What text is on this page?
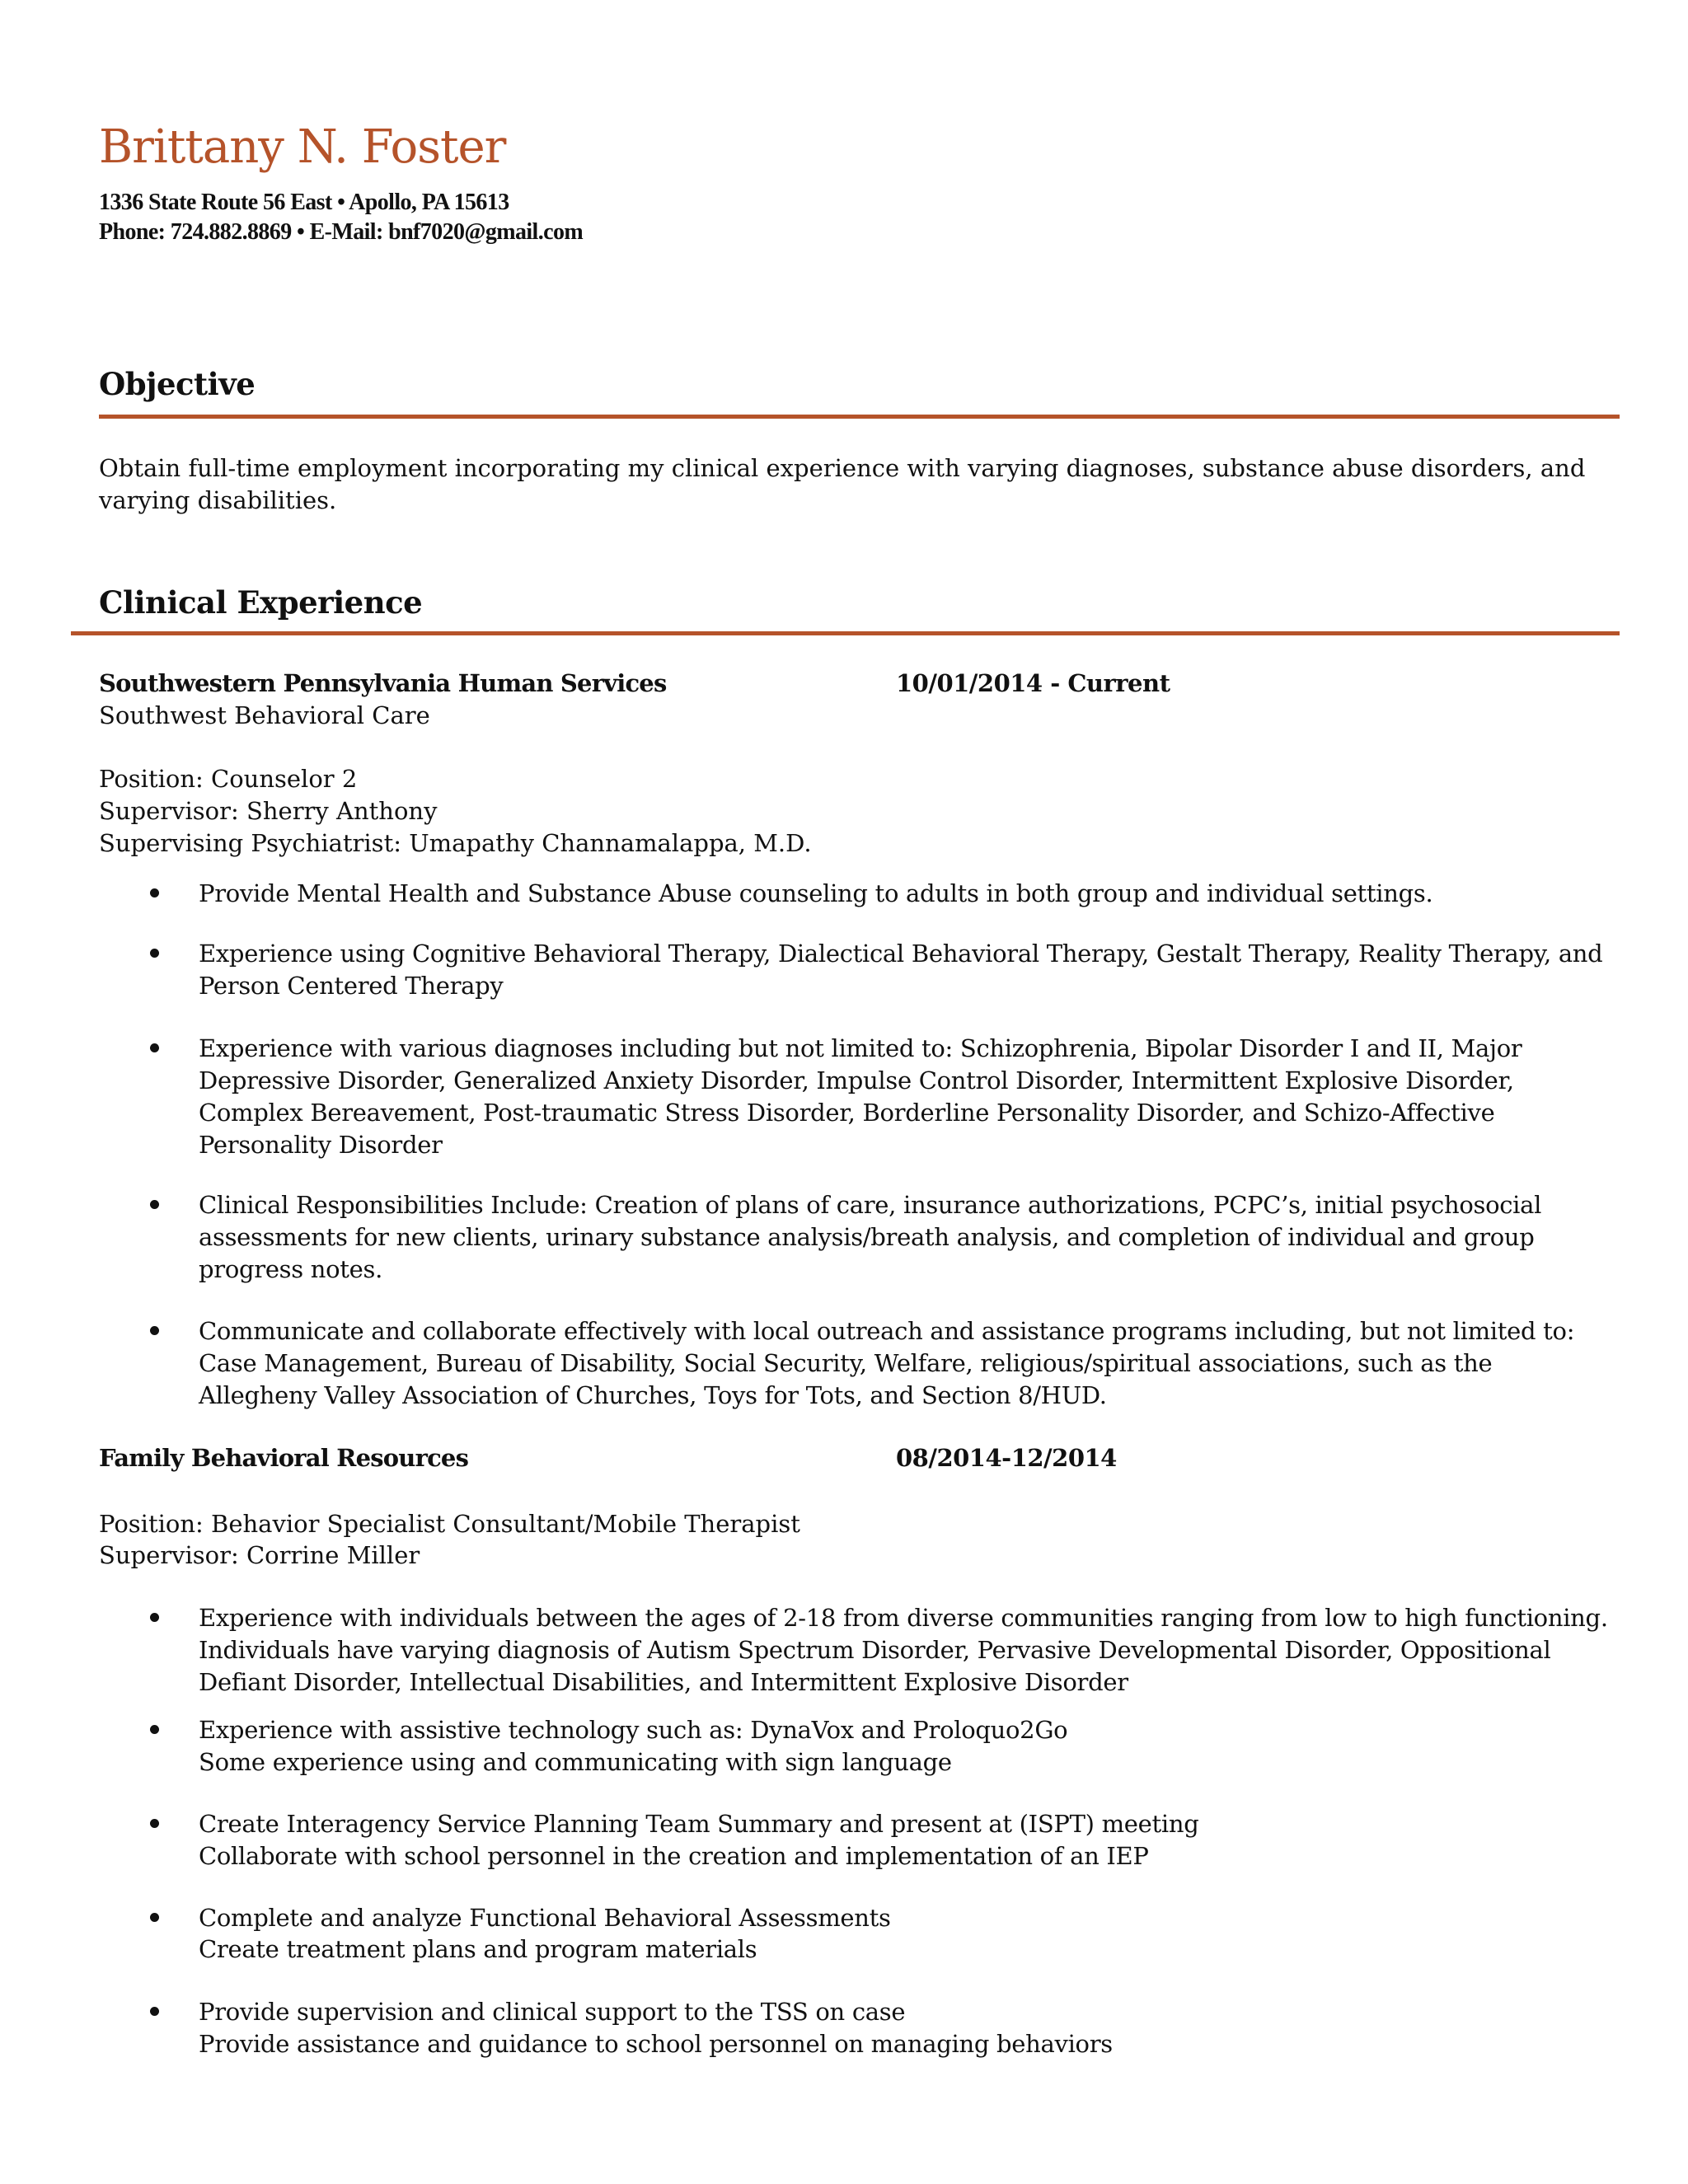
Brittany N. Foster
1336 State Route 56 East • Apollo, PA 15613
Phone: 724.882.8869 • E-Mail: bnf7020@gmail.com
Objective
Obtain full-time employment incorporating my clinical experience with varying diagnoses, substance abuse disorders, and varying disabilities.
Clinical Experience
Southwestern Pennsylvania Human Services	10/01/2014 - Current
Southwest Behavioral Care
Position: Counselor 2
Supervisor: Sherry Anthony
Supervising Psychiatrist: Umapathy Channamalappa, M.D.
Provide Mental Health and Substance Abuse counseling to adults in both group and individual settings.
Experience using Cognitive Behavioral Therapy, Dialectical Behavioral Therapy, Gestalt Therapy, Reality Therapy, and Person Centered Therapy
Experience with various diagnoses including but not limited to: Schizophrenia, Bipolar Disorder I and II, Major Depressive Disorder, Generalized Anxiety Disorder, Impulse Control Disorder, Intermittent Explosive Disorder, Complex Bereavement, Post-traumatic Stress Disorder, Borderline Personality Disorder, and Schizo-Affective Personality Disorder
Clinical Responsibilities Include: Creation of plans of care, insurance authorizations, PCPC’s, initial psychosocial assessments for new clients, urinary substance analysis/breath analysis, and completion of individual and group progress notes.
Communicate and collaborate effectively with local outreach and assistance programs including, but not limited to: Case Management, Bureau of Disability, Social Security, Welfare, religious/spiritual associations, such as the Allegheny Valley Association of Churches, Toys for Tots, and Section 8/HUD.
Family Behavioral Resources	08/2014-12/2014
Position: Behavior Specialist Consultant/Mobile Therapist
Supervisor: Corrine Miller
Experience with individuals between the ages of 2-18 from diverse communities ranging from low to high functioning. Individuals have varying diagnosis of Autism Spectrum Disorder, Pervasive Developmental Disorder, Oppositional Defiant Disorder, Intellectual Disabilities, and Intermittent Explosive Disorder
Experience with assistive technology such as: DynaVox and Proloquo2Go
Some experience using and communicating with sign language
Create Interagency Service Planning Team Summary and present at (ISPT) meeting
Collaborate with school personnel in the creation and implementation of an IEP
Complete and analyze Functional Behavioral Assessments
Create treatment plans and program materials
Provide supervision and clinical support to the TSS on case
Provide assistance and guidance to school personnel on managing behaviors
